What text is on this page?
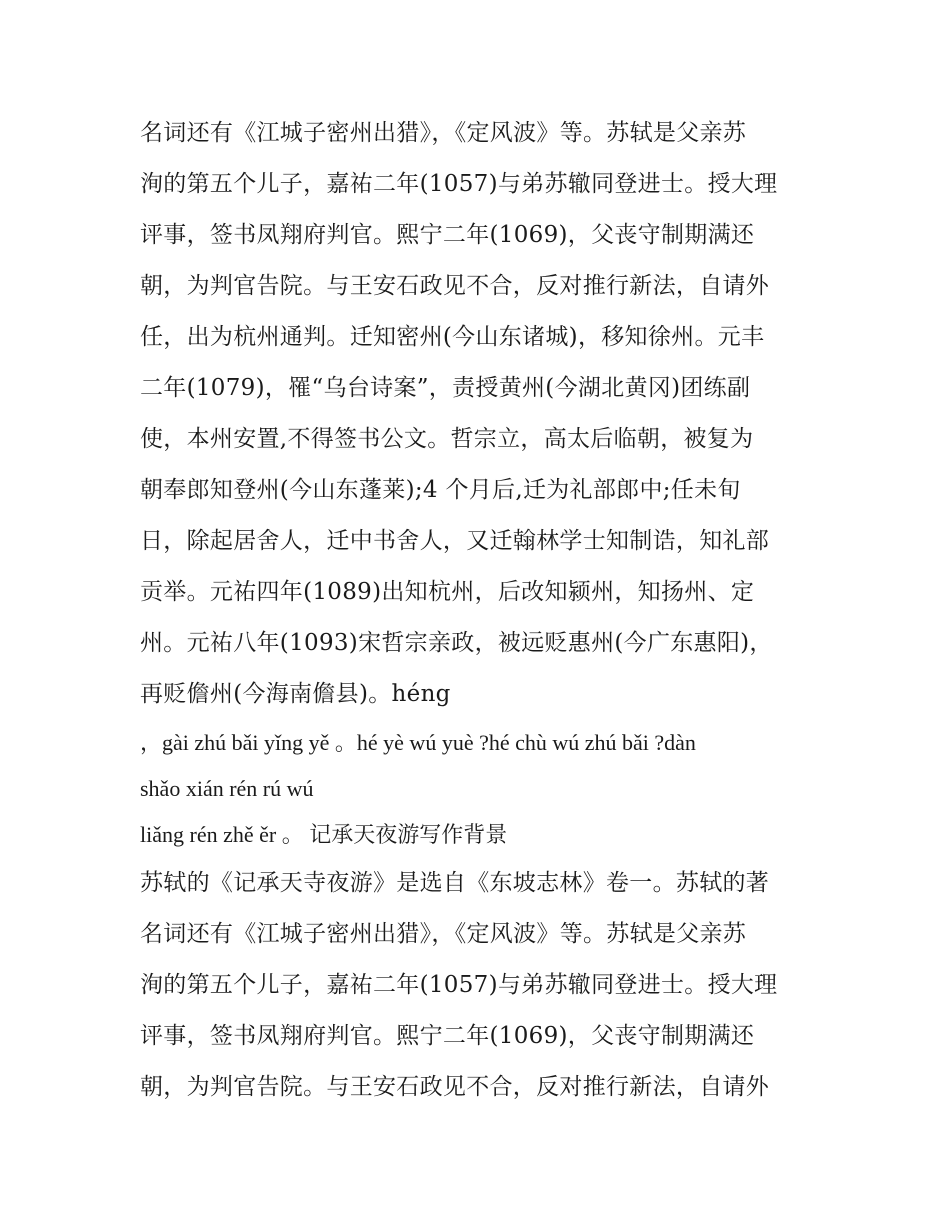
名词还有《江城子密州出猎》，《定风波》等。苏轼是父亲苏
洵的第五个儿子，嘉祐二年(1057)与弟苏辙同登进士。授大理
评事，签书凤翔府判官。熙宁二年(1069)，父丧守制期满还
朝，为判官告院。与王安石政见不合，反对推行新法，自请外
任，出为杭州通判。迁知密州(今山东诸城)，移知徐州。元丰
二年(1079)，罹“乌台诗案”，责授黄州(今湖北黄冈)团练副
使，本州安置,不得签书公文。哲宗立，高太后临朝，被复为
朝奉郎知登州(今山东蓬莱);4 个月后,迁为礼部郎中;任未旬
日，除起居舍人，迁中书舍人，又迁翰林学士知制诰，知礼部
贡举。元祐四年(1089)出知杭州，后改知颍州，知扬州、定
州。元祐八年(1093)宋哲宗亲政，被远贬惠州(今广东惠阳)，
再贬儋州(今海南儋县)。héng
，gài zhú bǎi yǐng yě 。hé yè wú yuè ?hé chù wú zhú bǎi ?dàn
shǎo xián rén rú wú
liǎng rén zhě ěr 。 记承天夜游写作背景
苏轼的《记承天寺夜游》是选自《东坡志林》卷一。苏轼的著
名词还有《江城子密州出猎》，《定风波》等。苏轼是父亲苏
洵的第五个儿子，嘉祐二年(1057)与弟苏辙同登进士。授大理
评事，签书凤翔府判官。熙宁二年(1069)，父丧守制期满还
朝，为判官告院。与王安石政见不合，反对推行新法，自请外
